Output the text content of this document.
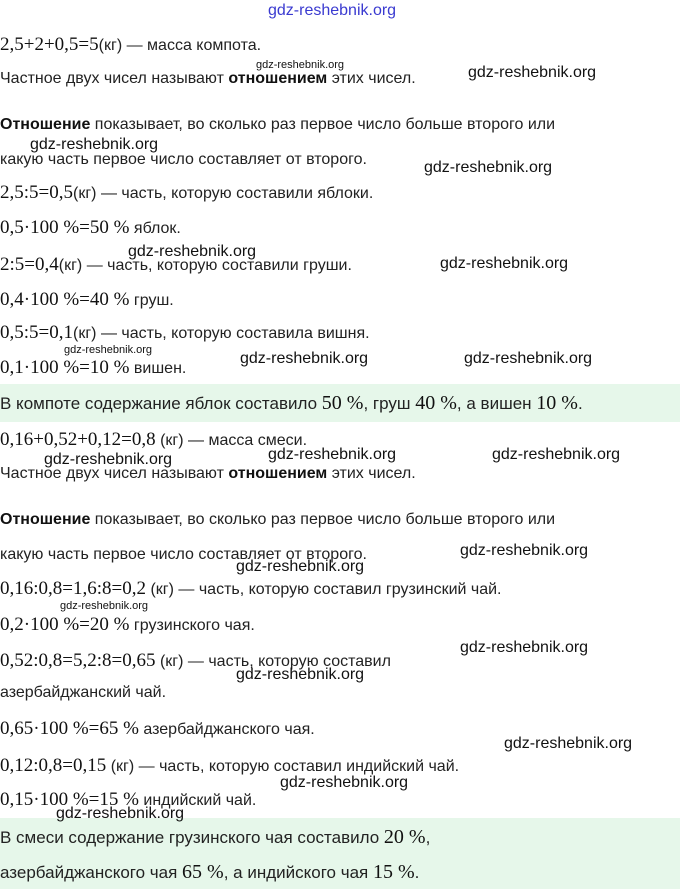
gdz-reshebnik.org
2,5+2+0,5=5(кг) — масса компота.
Частное двух чисел называют отношением этих чисел.
Отношение показывает, во сколько раз первое число больше второго или
какую часть первое число составляет от второго.
2,5:5=0,5(кг) — часть, которую составили яблоки.
0,5·100 %=50 % яблок.
2:5=0,4(кг) — часть, которую составили груши.
0,4·100 %=40 % груш.
0,5:5=0,1(кг) — часть, которую составила вишня.
0,1·100 %=10 % вишен.
В компоте содержание яблок составило 50 %, груш 40 %, а вишен 10 %.
0,16+0,52+0,12=0,8 (кг) — масса смеси.
Частное двух чисел называют отношением этих чисел.
Отношение показывает, во сколько раз первое число больше второго или
какую часть первое число составляет от второго.
0,16:0,8=1,6:8=0,2 (кг) — часть, которую составил грузинский чай.
0,2·100 %=20 % грузинского чая.
0,52:0,8=5,2:8=0,65 (кг) — часть, которую составил
азербайджанский чай.
0,65·100 %=65 % азербайджанского чая.
0,12:0,8=0,15 (кг) — часть, которую составил индийский чай.
0,15·100 %=15 % индийский чай.
В смеси содержание грузинского чая составило 20 %,
азербайджанского чая 65 %, а индийского чая 15 %.
gdz-reshebnik.org	gdz-reshebnik.org
gdz-reshebnik.org
gdz-reshebnik.org
gdz-reshebnik.org
gdz-reshebnik.org
gdz-reshebnik.org	gdz-reshebnik.org	gdz-reshebnik.org
gdz-reshebnik.org	gdz-reshebnik.org	gdz-reshebnik.org
gdz-reshebnik.org
gdz-reshebnik.org
gdz-reshebnik.org
gdz-reshebnik.org
gdz-reshebnik.org
gdz-reshebnik.org
gdz-reshebnik.org
gdz-reshebnik.org
